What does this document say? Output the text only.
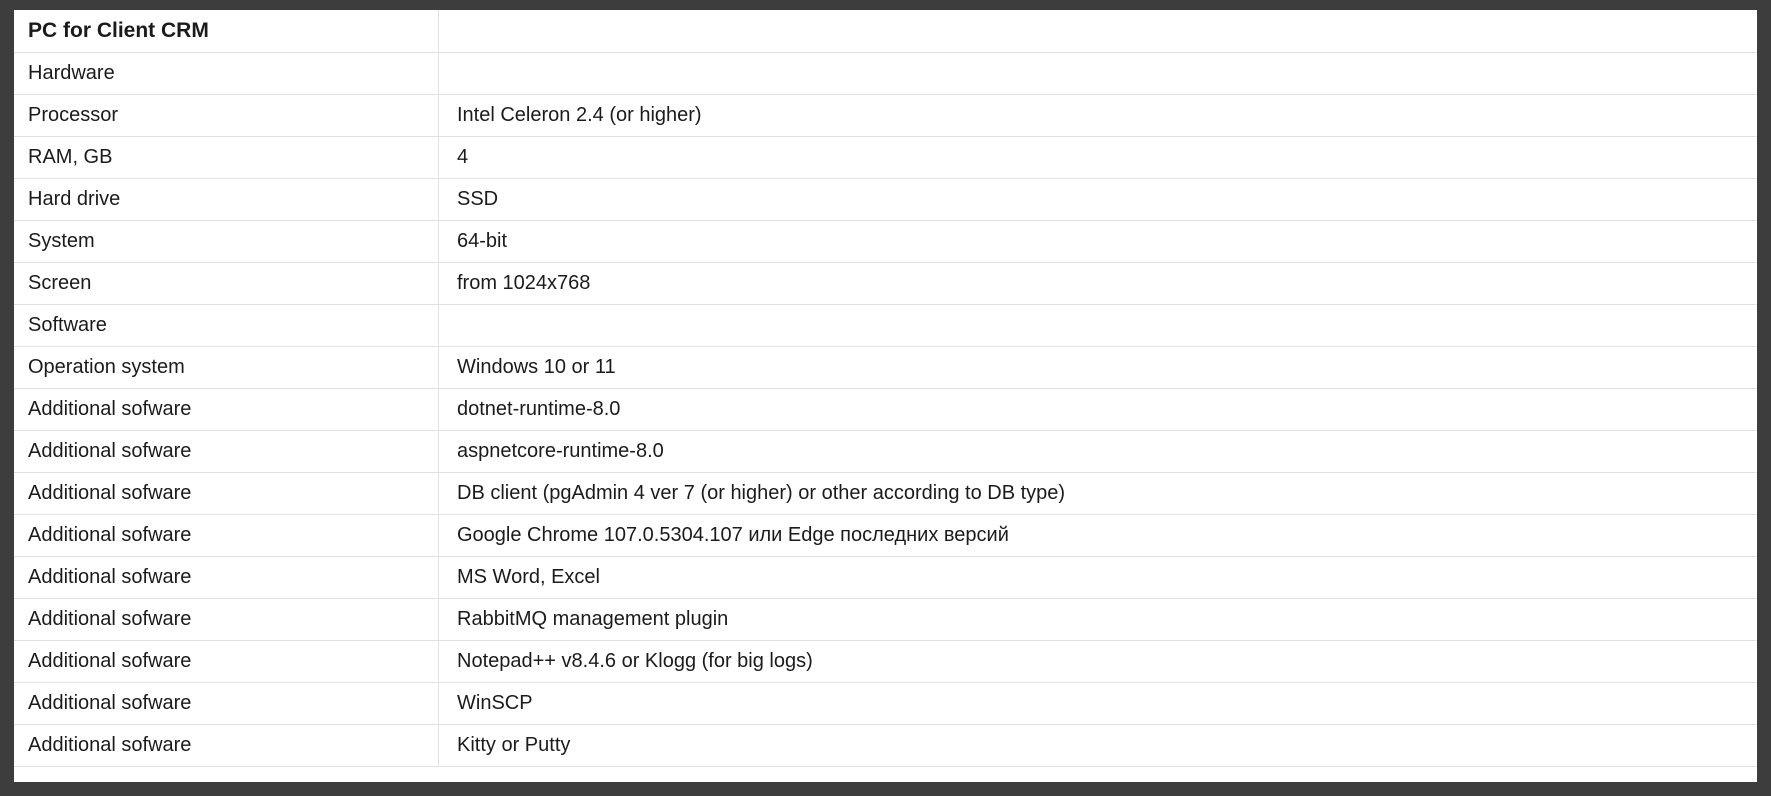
PC for Client CRM	
Hardware	
Processor	Intel Celeron 2.4 (or higher)
RAM, GB	4
Hard drive	SSD
System	64-bit
Screen	from 1024x768
Software	
Operation system	Windows 10 or 11
Additional sofware	dotnet-runtime-8.0
Additional sofware	aspnetcore-runtime-8.0
Additional sofware	DB client (pgAdmin 4 ver 7 (or higher) or other according to DB type)
Additional sofware	Google Chrome 107.0.5304.107 или Edge последних версий
Additional sofware	MS Word, Excel
Additional sofware	RabbitMQ management plugin
Additional sofware	Notepad++ v8.4.6 or Klogg (for big logs)
Additional sofware	WinSCP
Additional sofware	Kitty or Putty
